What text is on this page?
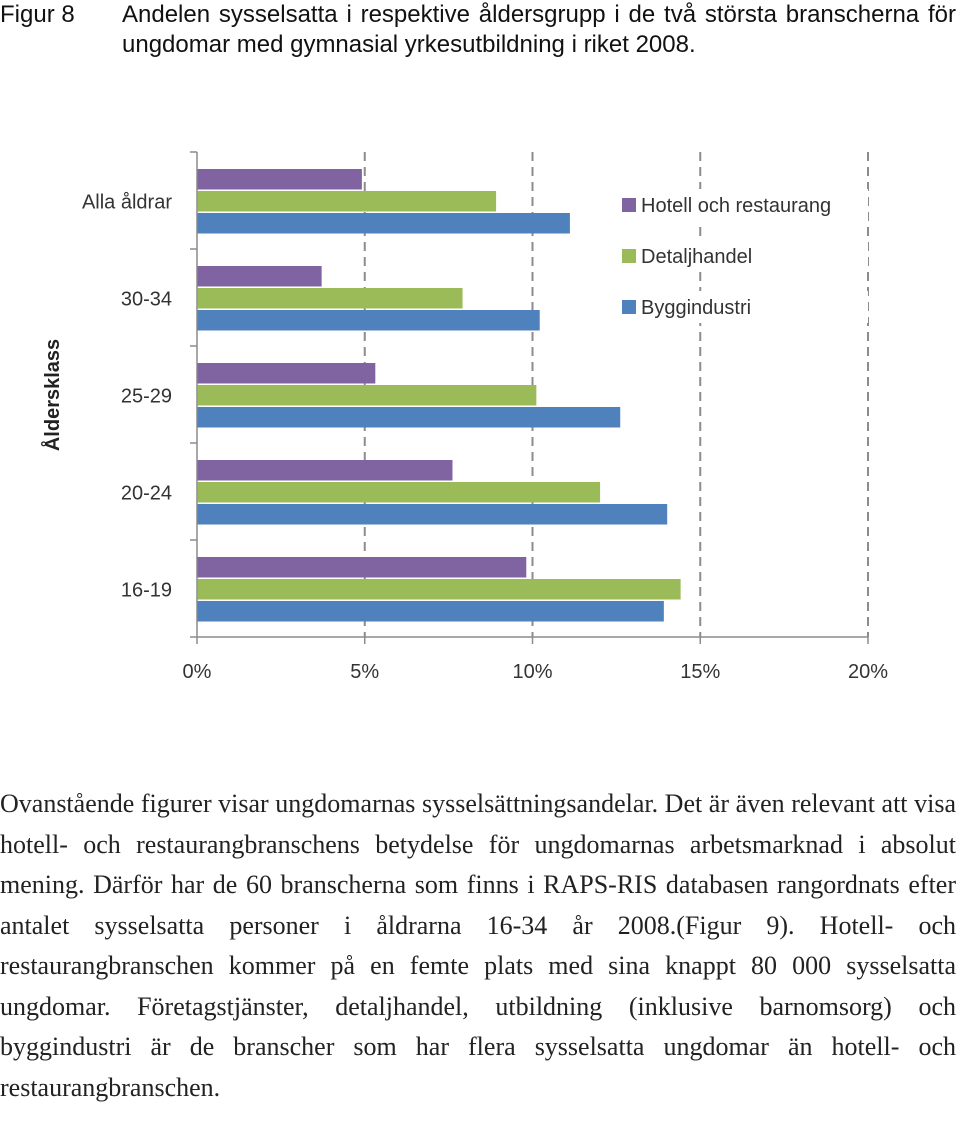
Figur 8 Andelen sysselsatta i respektive åldersgrupp i de två största branscherna för ungdomar med gymnasial yrkesutbildning i riket 2008.
Alla åldrar
30-34
25-29
20-24
16-19
0%	5%	10%	15%	20%
Åldersklass
Hotell och restaurang
Detaljhandel
Byggindustri
Ovanstående figurer visar ungdomarnas sysselsättningsandelar. Det är även relevant att visa hotell- och restaurangbranschens betydelse för ungdomarnas arbetsmarknad i absolut mening. Därför har de 60 branscherna som finns i RAPS-RIS databasen rangordnats efter antalet sysselsatta personer i åldrarna 16-34 år 2008.(Figur 9). Hotell- och restaurangbranschen kommer på en femte plats med sina knappt 80 000 sysselsatta ungdomar. Företagstjänster, detaljhandel, utbildning (inklusive barnomsorg) och byggindustri är de branscher som har flera sysselsatta ungdomar än hotell- och restaurangbranschen.
